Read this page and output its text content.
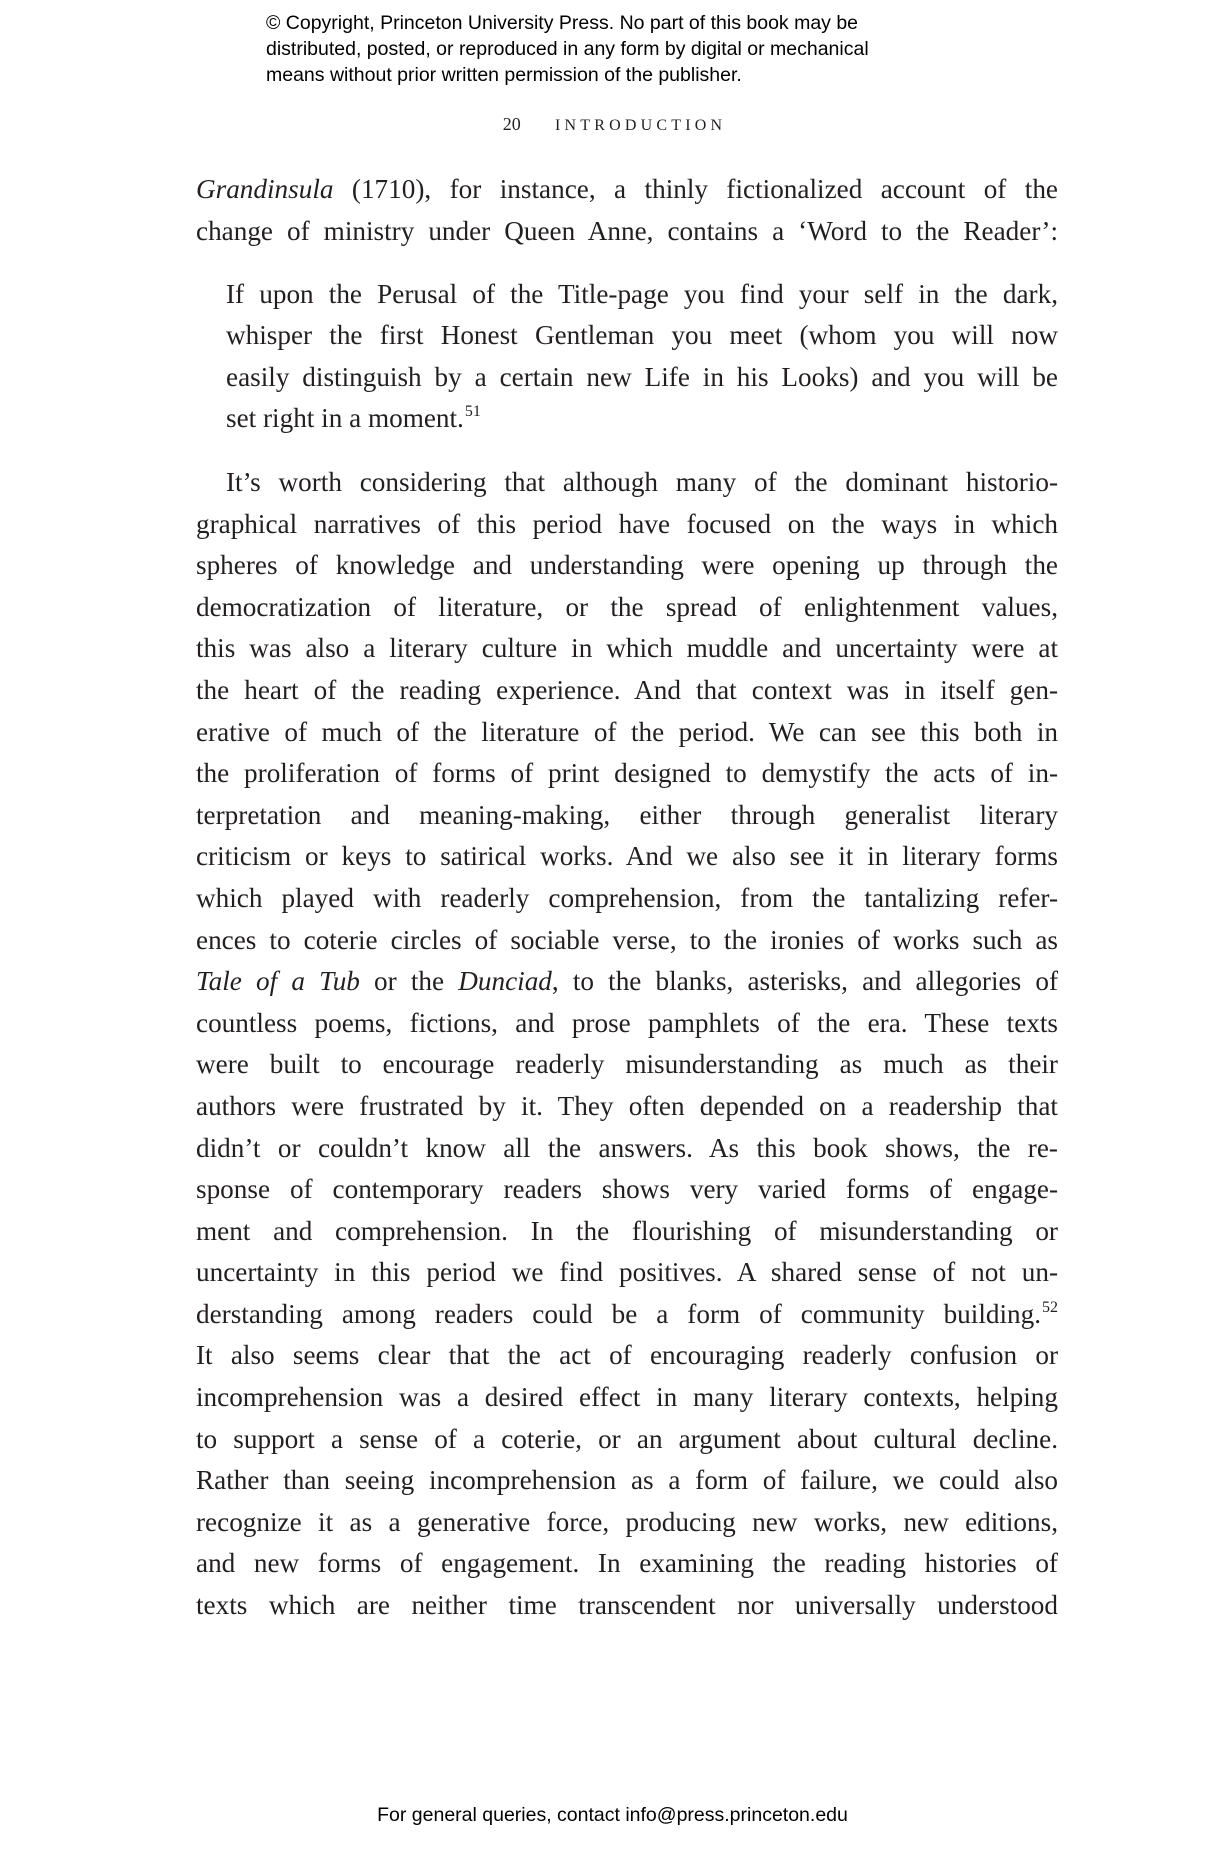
© Copyright, Princeton University Press. No part of this book may be
distributed, posted, or reproduced in any form by digital or mechanical
means without prior written permission of the publisher.
20 INTRODUCTION
Grandinsula (1710), for instance, a thinly fictionalized account of the
change of ministry under Queen Anne, contains a ‘Word to the Reader’:
If upon the Perusal of the Title-page you find your self in the dark,
whisper the first Honest Gentleman you meet (whom you will now
easily distinguish by a certain new Life in his Looks) and you will be
set right in a moment.$^{51}$
It’s worth considering that although many of the dominant historio-
graphical narratives of this period have focused on the ways in which
spheres of knowledge and understanding were opening up through the
democratization of literature, or the spread of enlightenment values,
this was also a literary culture in which muddle and uncertainty were at
the heart of the reading experience. And that context was in itself gen-
erative of much of the literature of the period. We can see this both in
the proliferation of forms of print designed to demystify the acts of in-
terpretation and meaning-making, either through generalist literary
criticism or keys to satirical works. And we also see it in literary forms
which played with readerly comprehension, from the tantalizing refer-
ences to coterie circles of sociable verse, to the ironies of works such as
Tale of a Tub or the Dunciad, to the blanks, asterisks, and allegories of
countless poems, fictions, and prose pamphlets of the era. These texts
were built to encourage readerly misunderstanding as much as their
authors were frustrated by it. They often depended on a readership that
didn’t or couldn’t know all the answers. As this book shows, the re-
sponse of contemporary readers shows very varied forms of engage-
ment and comprehension. In the flourishing of misunderstanding or
uncertainty in this period we find positives. A shared sense of not un-
derstanding among readers could be a form of community building.$^{52}$
It also seems clear that the act of encouraging readerly confusion or
incomprehension was a desired effect in many literary contexts, helping
to support a sense of a coterie, or an argument about cultural decline.
Rather than seeing incomprehension as a form of failure, we could also
recognize it as a generative force, producing new works, new editions,
and new forms of engagement. In examining the reading histories of
texts which are neither time transcendent nor universally understood
For general queries, contact info@press.princeton.edu
